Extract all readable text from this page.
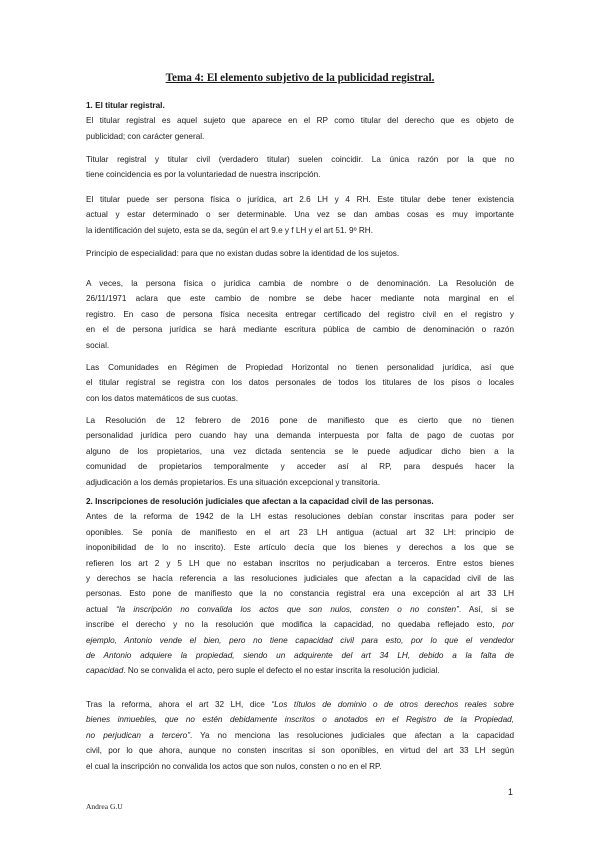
Tema 4: El elemento subjetivo de la publicidad registral.
1. El titular registral.
El titular registral es aquel sujeto que aparece en el RP como titular del derecho que es objeto de
publicidad; con carácter general.
Titular registral y titular civil (verdadero titular) suelen coincidir. La única razón por la que no
tiene coincidencia es por la voluntariedad de nuestra inscripción.
El titular puede ser persona física o jurídica, art 2.6 LH y 4 RH. Este titular debe tener existencia
actual y estar determinado o ser determinable. Una vez se dan ambas cosas es muy importante
la identificación del sujeto, esta se da, según el art 9.e y f LH y el art 51. 9º RH.
Principio de especialidad: para que no existan dudas sobre la identidad de los sujetos.
A veces, la persona física o jurídica cambia de nombre o de denominación. La Resolución de
26/11/1971 aclara que este cambio de nombre se debe hacer mediante nota marginal en el
registro. En caso de persona física necesita entregar certificado del registro civil en el registro y
en el de persona jurídica se hará mediante escritura pública de cambio de denominación o razón
social.
Las Comunidades en Régimen de Propiedad Horizontal no tienen personalidad jurídica, así que
el titular registral se registra con los datos personales de todos los titulares de los pisos o locales
con los datos matemáticos de sus cuotas.
La Resolución de 12 febrero de 2016 pone de manifiesto que es cierto que no tienen
personalidad jurídica pero cuando hay una demanda interpuesta por falta de pago de cuotas por
alguno de los propietarios, una vez dictada sentencia se le puede adjudicar dicho bien a la
comunidad de propietarios temporalmente y acceder así al RP, para después hacer la
adjudicación a los demás propietarios. Es una situación excepcional y transitoria.
2. Inscripciones de resolución judiciales que afectan a la capacidad civil de las personas.
Antes de la reforma de 1942 de la LH estas resoluciones debían constar inscritas para poder ser
oponibles. Se ponía de manifiesto en el art 23 LH antigua (actual art 32 LH: principio de
inoponibilidad de lo no inscrito). Este artículo decía que los bienes y derechos a los que se
refieren los art 2 y 5 LH que no estaban inscritos no perjudicaban a terceros. Entre estos bienes
y derechos se hacía referencia a las resoluciones judiciales que afectan a la capacidad civil de las
personas. Esto pone de manifiesto que la no constancia registral era una excepción al art 33 LH
actual “la inscripción no convalida los actos que son nulos, consten o no consten”. Así, si se
inscribe el derecho y no la resolución que modifica la capacidad, no quedaba reflejado esto, por
ejemplo, Antonio vende el bien, pero no tiene capacidad civil para esto, por lo que el vendedor
de Antonio adquiere la propiedad, siendo un adquirente del art 34 LH, debido a la falta de
capacidad. No se convalida el acto, pero suple el defecto el no estar inscrita la resolución judicial.
Tras la reforma, ahora el art 32 LH, dice “Los títulos de dominio o de otros derechos reales sobre
bienes inmuebles, que no estén debidamente inscritos o anotados en el Registro de la Propiedad,
no perjudican a tercero”. Ya no menciona las resoluciones judiciales que afectan a la capacidad
civil, por lo que ahora, aunque no consten inscritas sí son oponibles, en virtud del art 33 LH según
el cual la inscripción no convalida los actos que son nulos, consten o no en el RP.
1
Andrea G.U
